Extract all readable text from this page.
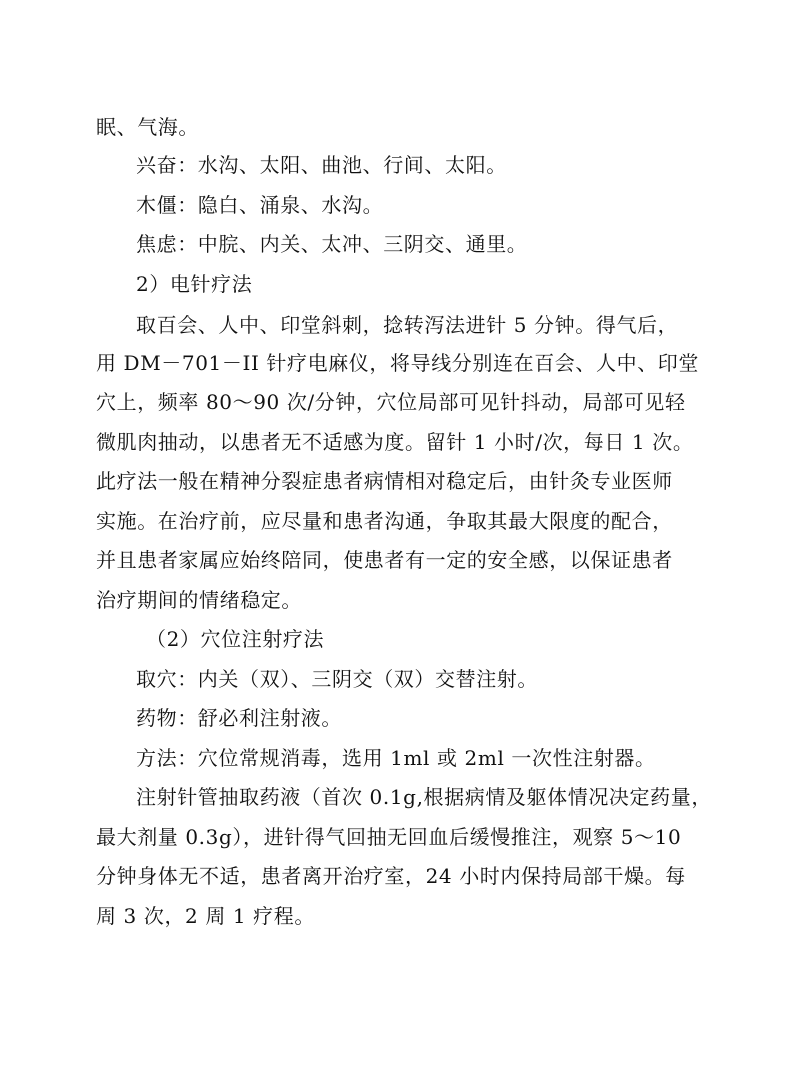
眠、气海。
兴奋：水沟、太阳、曲池、行间、太阳。
木僵：隐白、涌泉、水沟。
焦虑：中脘、内关、太冲、三阴交、通里。
2）电针疗法
取百会、人中、印堂斜刺，捻转泻法进针 5 分钟。得气后，
用 DM－701－II 针疗电麻仪，将导线分别连在百会、人中、印堂
穴上，频率 80～90 次/分钟，穴位局部可见针抖动，局部可见轻
微肌肉抽动，以患者无不适感为度。留针 1 小时/次，每日 1 次。
此疗法一般在精神分裂症患者病情相对稳定后，由针灸专业医师
实施。在治疗前，应尽量和患者沟通，争取其最大限度的配合，
并且患者家属应始终陪同，使患者有一定的安全感，以保证患者
治疗期间的情绪稳定。
（2）穴位注射疗法
取穴：内关（双）、三阴交（双）交替注射。
药物：舒必利注射液。
方法：穴位常规消毒，选用 1ml 或 2ml 一次性注射器。
注射针管抽取药液（首次 0.1g,根据病情及躯体情况决定药量，
最大剂量 0.3g），进针得气回抽无回血后缓慢推注，观察 5～10
分钟身体无不适，患者离开治疗室，24 小时内保持局部干燥。每
周 3 次，2 周 1 疗程。
